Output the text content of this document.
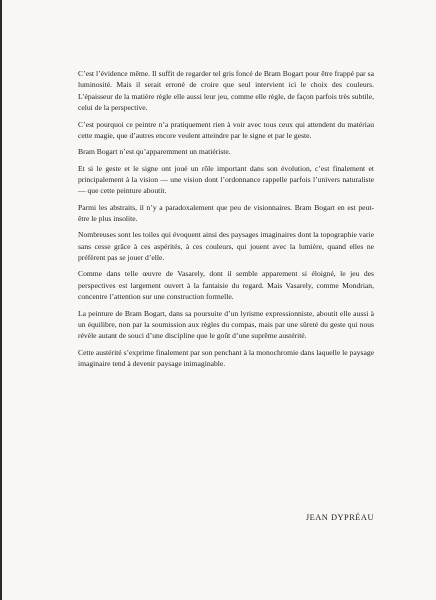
C’est l’évidence même. Il suffit de regarder tel gris foncé de Bram Bogart pour être frappé par sa luminosité. Mais il serait erroné de croire que seul intervient ici le choix des couleurs. L’épaisseur de la matière règle elle aussi leur jeu, comme elle règle, de façon parfois très subtile, celui de la perspective.

C’est pourquoi ce peintre n’a pratiquement rien à voir avec tous ceux qui attendent du matériau cette magie, que d’autres encore veulent atteindre par le signe et par le geste.

Bram Bogart n’est qu’apparemment un matiériste.

Et si le geste et le signe ont joué un rôle important dans son évolution, c’est finalement et principalement à la vision — une vision dont l’ordonnance rappelle parfois l’univers naturaliste — que cette peinture aboutit.

Parmi les abstraits, il n’y a paradoxalement que peu de visionnaires. Bram Bogart en est peut-être le plus insolite.

Nombreuses sont les toiles qui évoquent ainsi des paysages imaginaires dont la topographie varie sans cesse grâce à ces aspérités, à ces couleurs, qui jouent avec la lumière, quand elles ne préfèrent pas se jouer d’elle.

Comme dans telle œuvre de Vasarely, dont il semble apparement si éloigné, le jeu des perspectives est largement ouvert à la fantaisie du regard. Mais Vasarely, comme Mondrian, concentre l’attention sur une construction formelle.

La peinture de Bram Bogart, dans sa poursuite d’un lyrisme expressionniste, aboutit elle aussi à un équilibre, non par la soumission aux règles du compas, mais par une sûreté du geste qui nous révèle autant de souci d’une discipline que le goût d’une suprême austérité.

Cette austérité s’exprime finalement par son penchant à la monochromie dans laquelle le paysage imaginaire tend à devenir paysage inimaginable.

JEAN DYPRÉAU
